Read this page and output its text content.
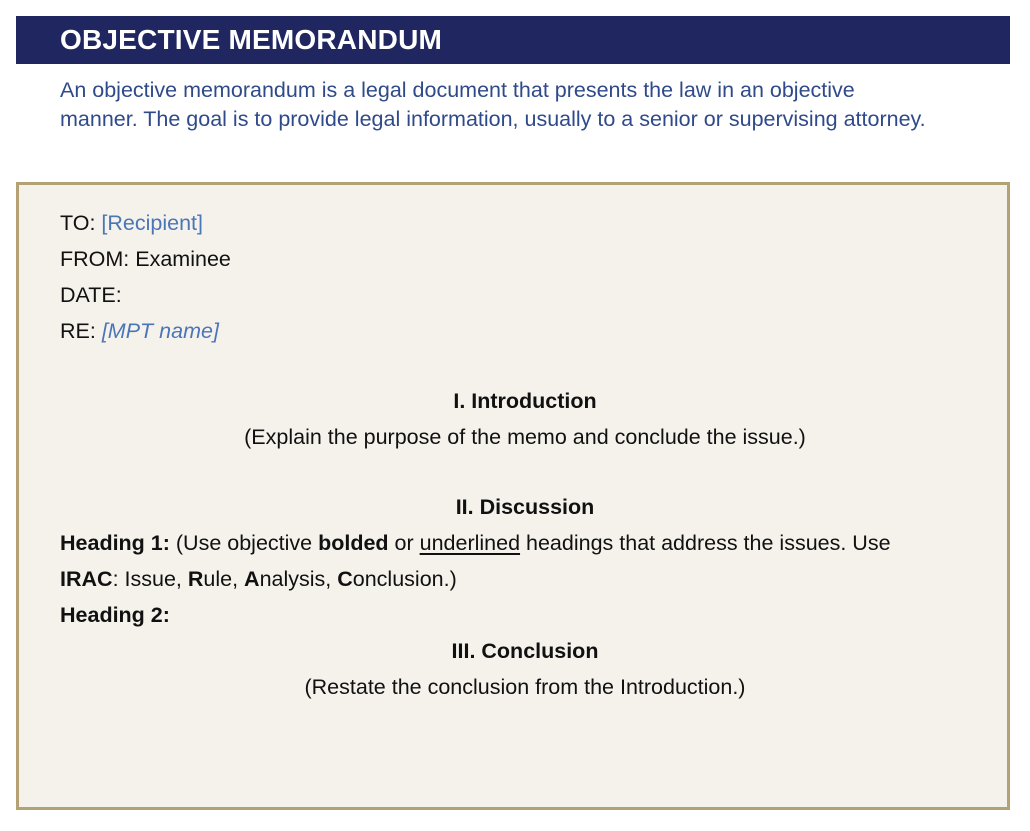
OBJECTIVE MEMORANDUM
An objective memorandum is a legal document that presents the law in an objective
manner. The goal is to provide legal information, usually to a senior or supervising attorney.
TO: [Recipient]
FROM: Examinee
DATE:
RE: [MPT name]
I. Introduction
(Explain the purpose of the memo and conclude the issue.)
II. Discussion
Heading 1: (Use objective bolded or underlined headings that address the issues. Use
IRAC: Issue, Rule, Analysis, Conclusion.)
Heading 2:
III. Conclusion
(Restate the conclusion from the Introduction.)
